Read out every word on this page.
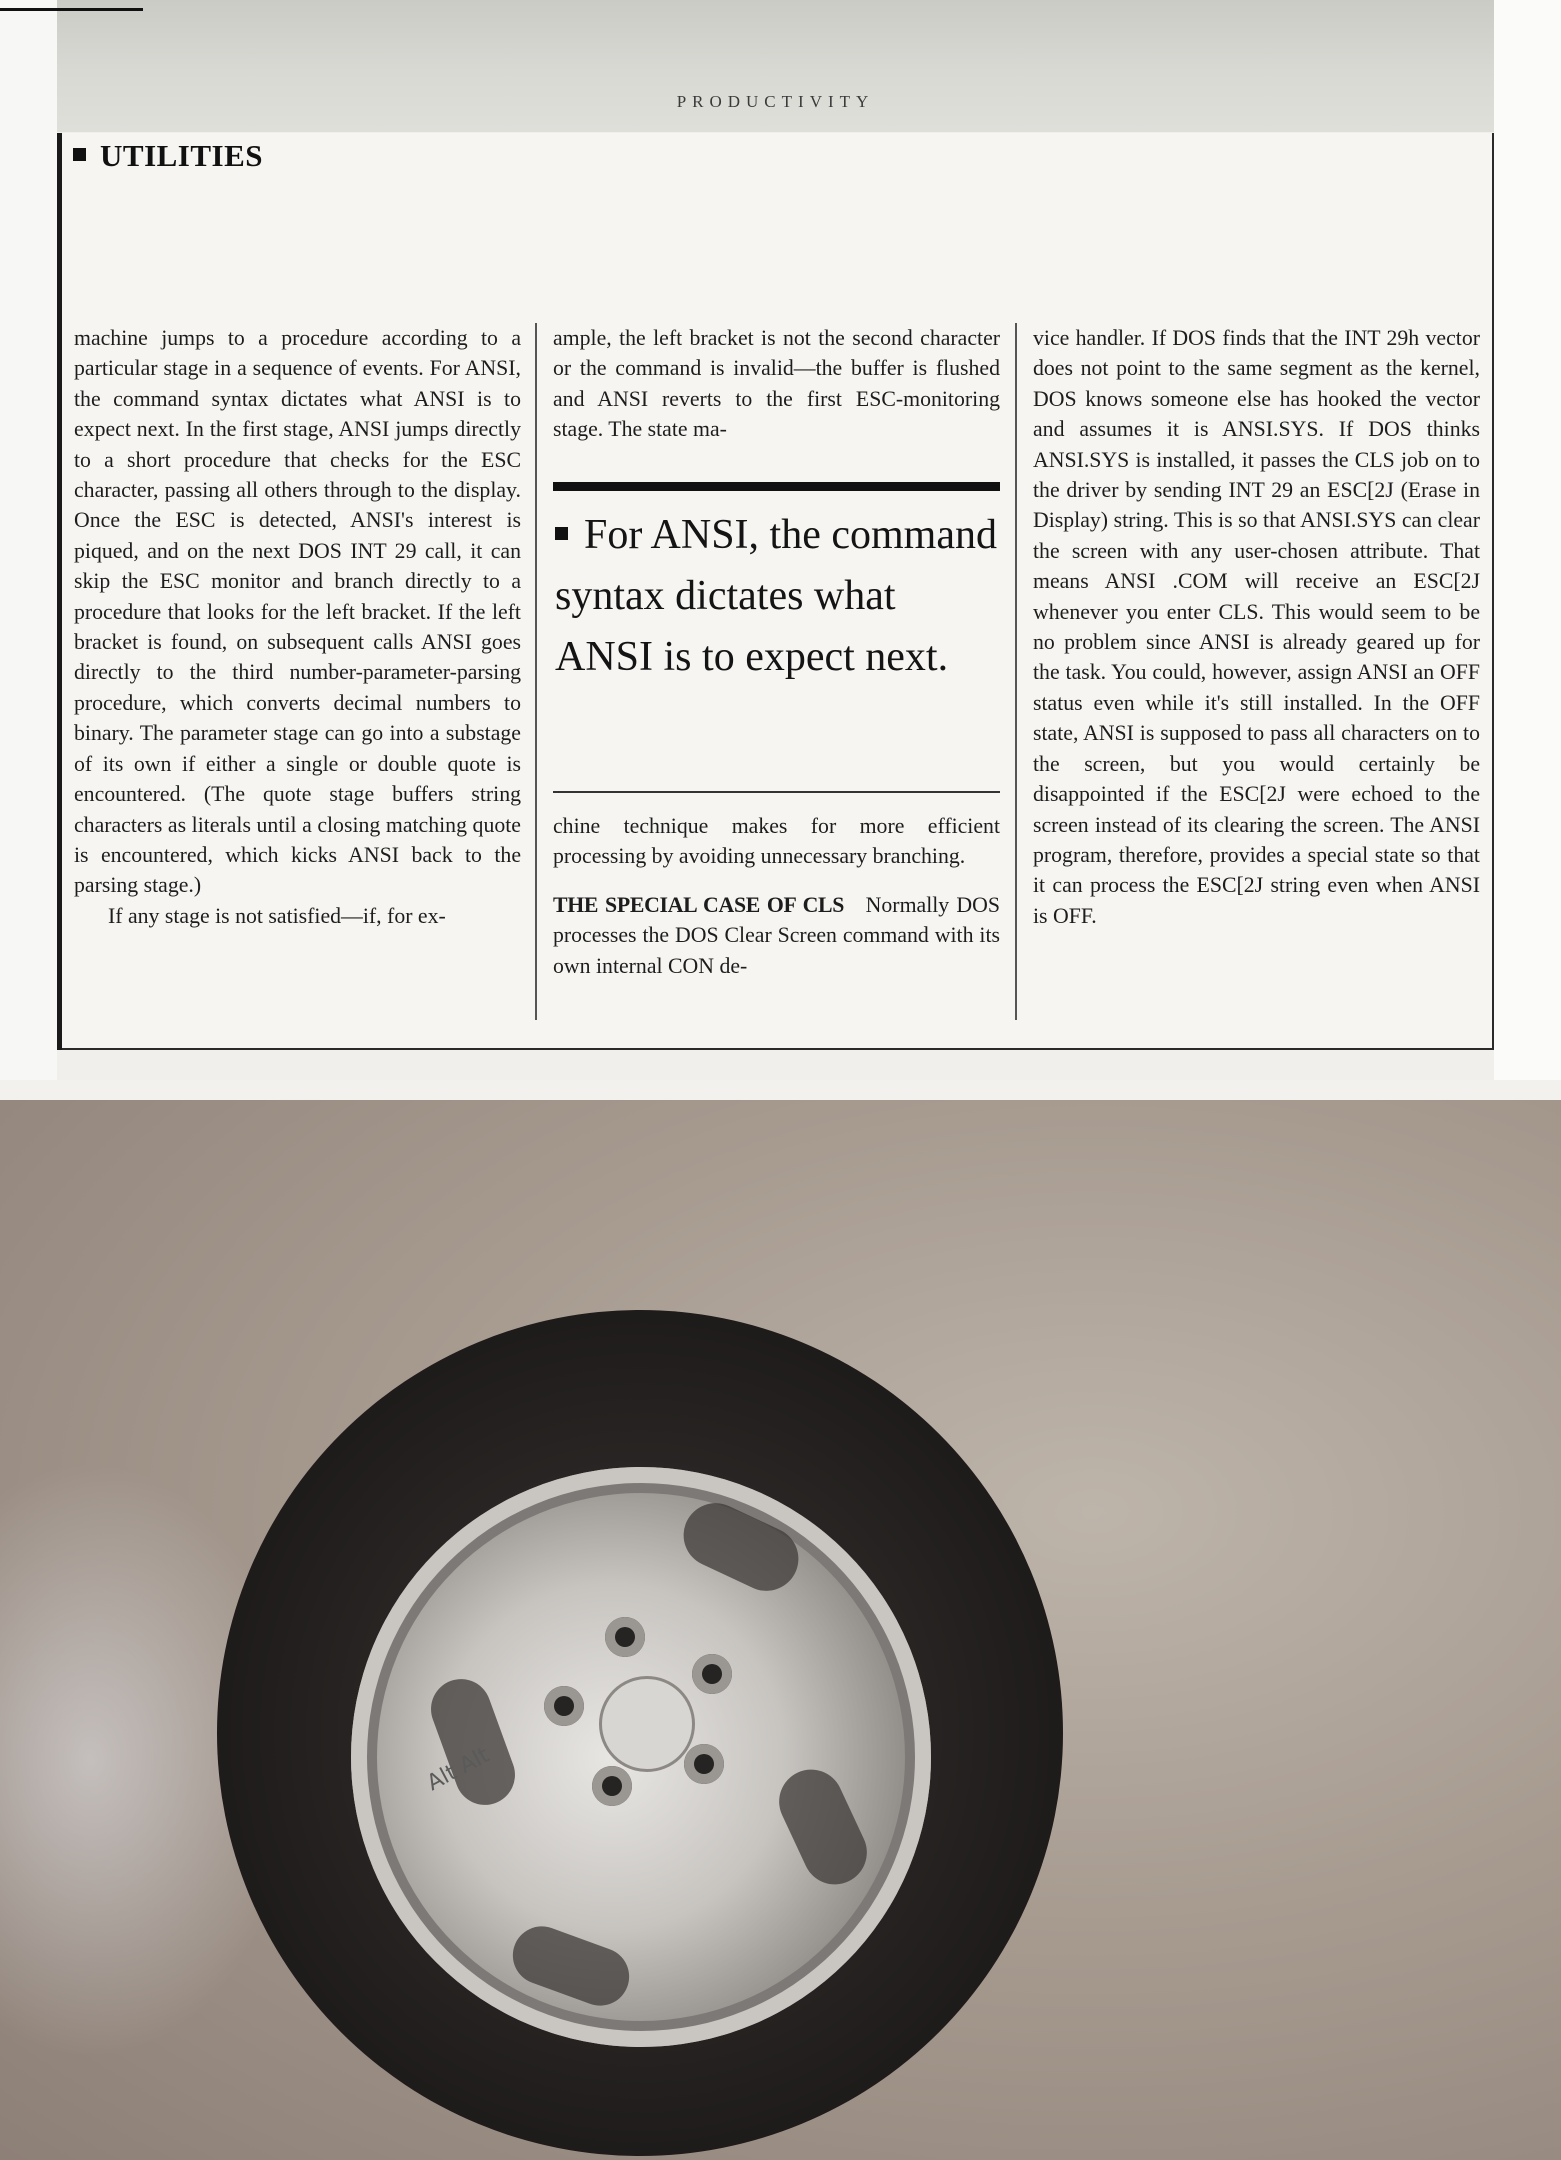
PRODUCTIVITY
UTILITIES

machine jumps to a procedure according to a particular stage in a sequence of events. For ANSI, the command syntax dictates what ANSI is to expect next. In the first stage, ANSI jumps directly to a short procedure that checks for the ESC character, passing all others through to the display. Once the ESC is detected, ANSI's interest is piqued, and on the next DOS INT 29 call, it can skip the ESC monitor and branch directly to a procedure that looks for the left bracket. If the left bracket is found, on subsequent calls ANSI goes directly to the third number-parameter-parsing procedure, which converts decimal numbers to binary. The parameter stage can go into a substage of its own if either a single or double quote is encountered. (The quote stage buffers string characters as literals until a closing matching quote is encountered, which kicks ANSI back to the parsing stage.)

If any stage is not satisfied—if, for ex-

ample, the left bracket is not the second character or the command is invalid—the buffer is flushed and ANSI reverts to the first ESC-monitoring stage. The state ma-

For ANSI, the command syntax dictates what ANSI is to expect next.

chine technique makes for more efficient processing by avoiding unnecessary branching.

THE SPECIAL CASE OF CLS Normally DOS processes the DOS Clear Screen command with its own internal CON de-

vice handler. If DOS finds that the INT 29h vector does not point to the same segment as the kernel, DOS knows someone else has hooked the vector and assumes it is ANSI.SYS. If DOS thinks ANSI.SYS is installed, it passes the CLS job on to the driver by sending INT 29 an ESC[2J (Erase in Display) string. This is so that ANSI.SYS can clear the screen with any user-chosen attribute. That means ANSI .COM will receive an ESC[2J whenever you enter CLS. This would seem to be no problem since ANSI is already geared up for the task. You could, however, assign ANSI an OFF status even while it's still installed. In the OFF state, ANSI is supposed to pass all characters on to the screen, but you would certainly be disappointed if the ESC[2J were echoed to the screen instead of its clearing the screen. The ANSI program, therefore, provides a special state so that it can process the ESC[2J string even when ANSI is OFF.

Alt Alt
